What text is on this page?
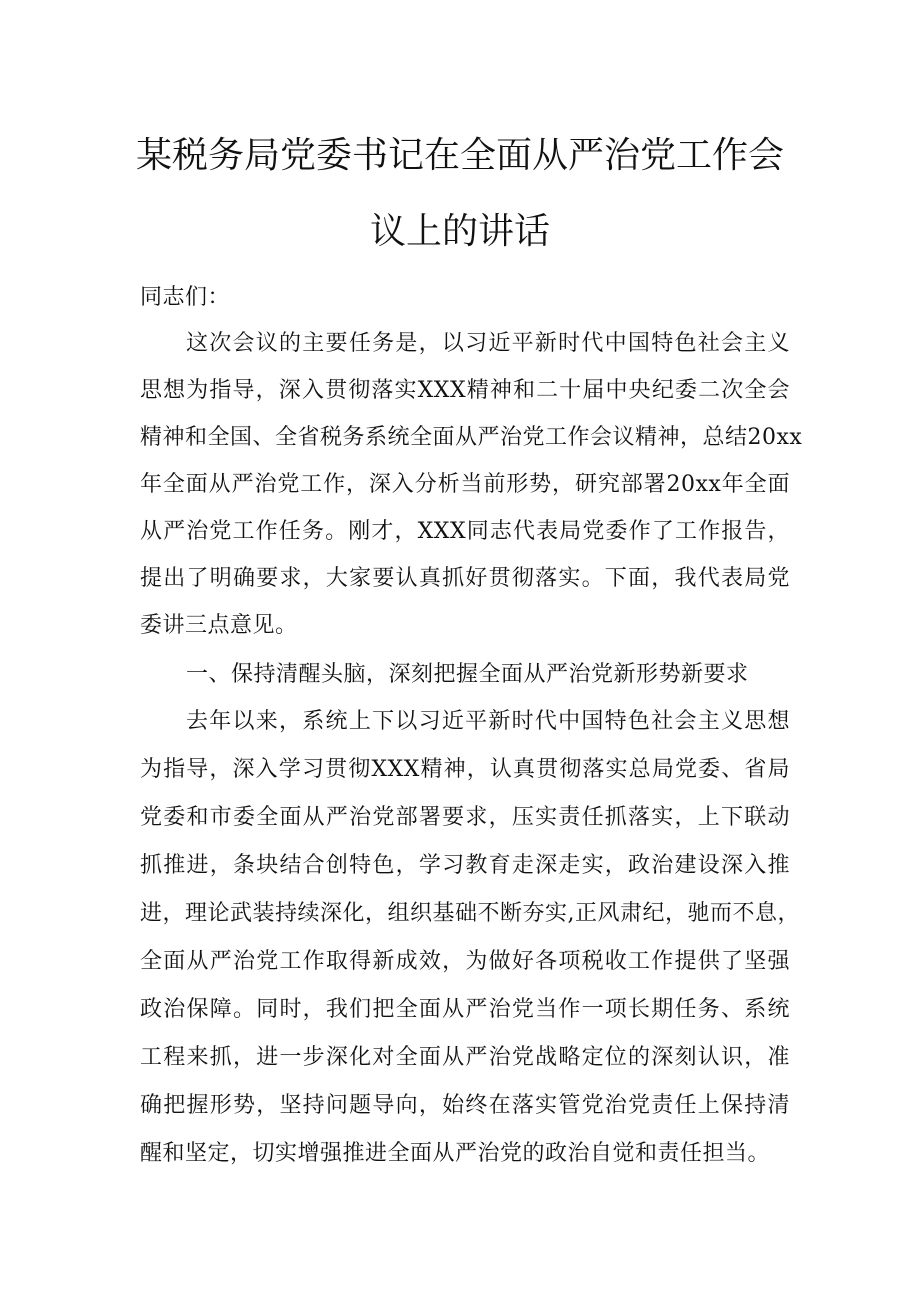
某税务局党委书记在全面从严治党工作会
议上的讲话

同志们：

这次会议的主要任务是，以习近平新时代中国特色社会主义

思想为指导，深入贯彻落实XXX精神和二十届中央纪委二次全会

精神和全国、全省税务系统全面从严治党工作会议精神，总结20xx

年全面从严治党工作，深入分析当前形势，研究部署20xx年全面

从严治党工作任务。刚才，XXX同志代表局党委作了工作报告，

提出了明确要求，大家要认真抓好贯彻落实。下面，我代表局党

委讲三点意见。

一、保持清醒头脑，深刻把握全面从严治党新形势新要求

去年以来，系统上下以习近平新时代中国特色社会主义思想

为指导，深入学习贯彻XXX精神，认真贯彻落实总局党委、省局

党委和市委全面从严治党部署要求，压实责任抓落实，上下联动

抓推进，条块结合创特色，学习教育走深走实，政治建设深入推

进，理论武装持续深化，组织基础不断夯实,正风肃纪，驰而不息，

全面从严治党工作取得新成效，为做好各项税收工作提供了坚强

政治保障。同时，我们把全面从严治党当作一项长期任务、系统

工程来抓，进一步深化对全面从严治党战略定位的深刻认识，准

确把握形势，坚持问题导向，始终在落实管党治党责任上保持清

醒和坚定，切实增强推进全面从严治党的政治自觉和责任担当。
